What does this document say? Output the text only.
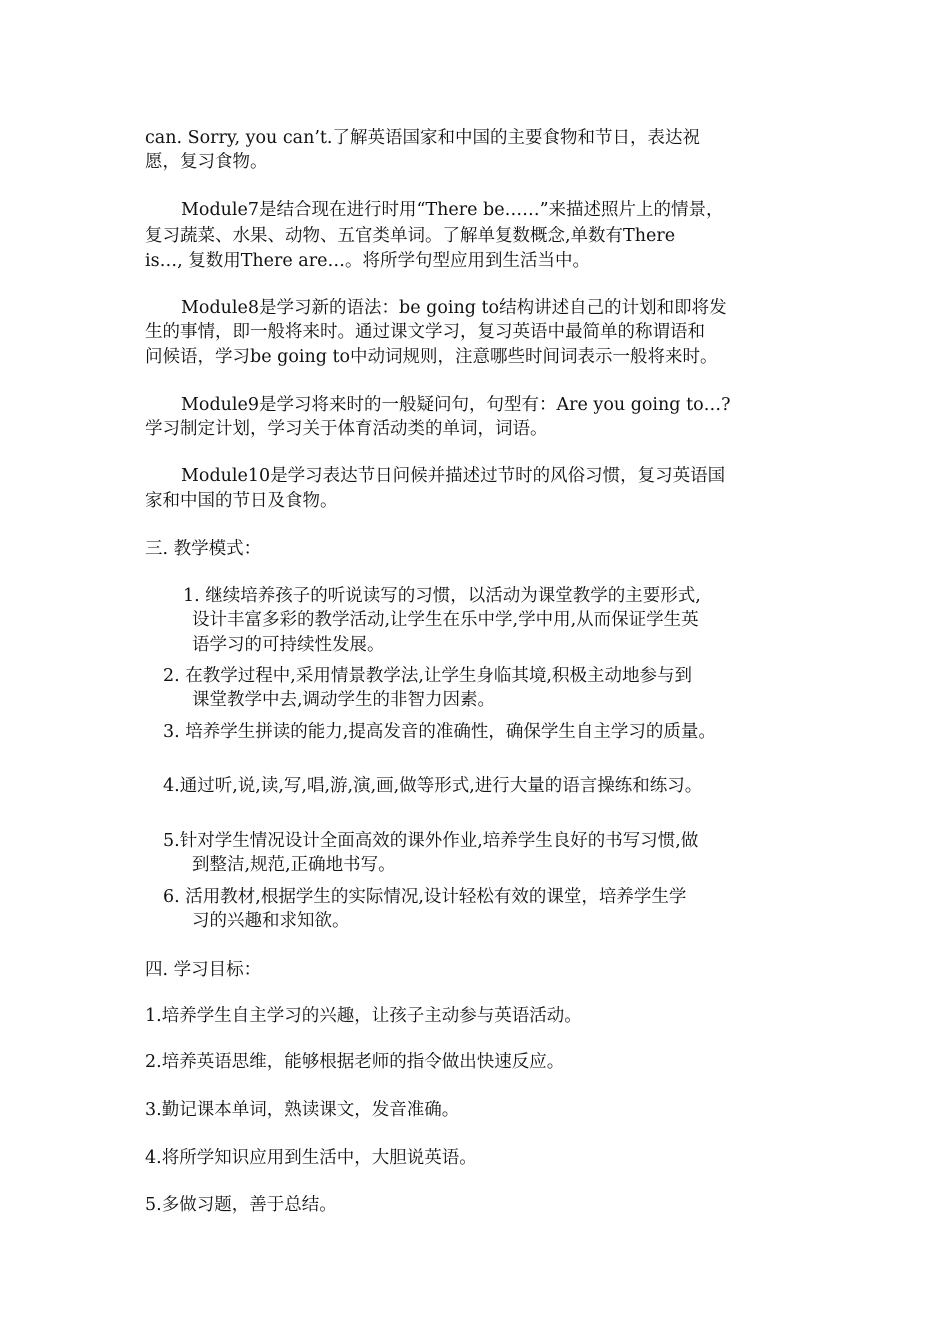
can. Sorry, you can’t.了解英语国家和中国的主要食物和节日，表达祝
愿，复习食物。
Module7是结合现在进行时用“There be……”来描述照片上的情景，
复习蔬菜、水果、动物、五官类单词。了解单复数概念,单数有There
is…, 复数用There are…。将所学句型应用到生活当中。
Module8是学习新的语法：be going to结构讲述自己的计划和即将发
生的事情，即一般将来时。通过课文学习，复习英语中最简单的称谓语和
问候语，学习be going to中动词规则，注意哪些时间词表示一般将来时。
Module9是学习将来时的一般疑问句，句型有：Are you going to…?
学习制定计划，学习关于体育活动类的单词，词语。
Module10是学习表达节日问候并描述过节时的风俗习惯，复习英语国
家和中国的节日及食物。
三. 教学模式：
1. 继续培养孩子的听说读写的习惯，以活动为课堂教学的主要形式,
设计丰富多彩的教学活动,让学生在乐中学,学中用,从而保证学生英
语学习的可持续性发展。
2. 在教学过程中,采用情景教学法,让学生身临其境,积极主动地参与到
课堂教学中去,调动学生的非智力因素。
3. 培养学生拼读的能力,提高发音的准确性，确保学生自主学习的质量。
4.通过听,说,读,写,唱,游,演,画,做等形式,进行大量的语言操练和练习。
5.针对学生情况设计全面高效的课外作业,培养学生良好的书写习惯,做
到整洁,规范,正确地书写。
6. 活用教材,根据学生的实际情况,设计轻松有效的课堂，培养学生学
习的兴趣和求知欲。
四. 学习目标：
1.培养学生自主学习的兴趣，让孩子主动参与英语活动。
2.培养英语思维，能够根据老师的指令做出快速反应。
3.勤记课本单词，熟读课文，发音准确。
4.将所学知识应用到生活中，大胆说英语。
5.多做习题，善于总结。
